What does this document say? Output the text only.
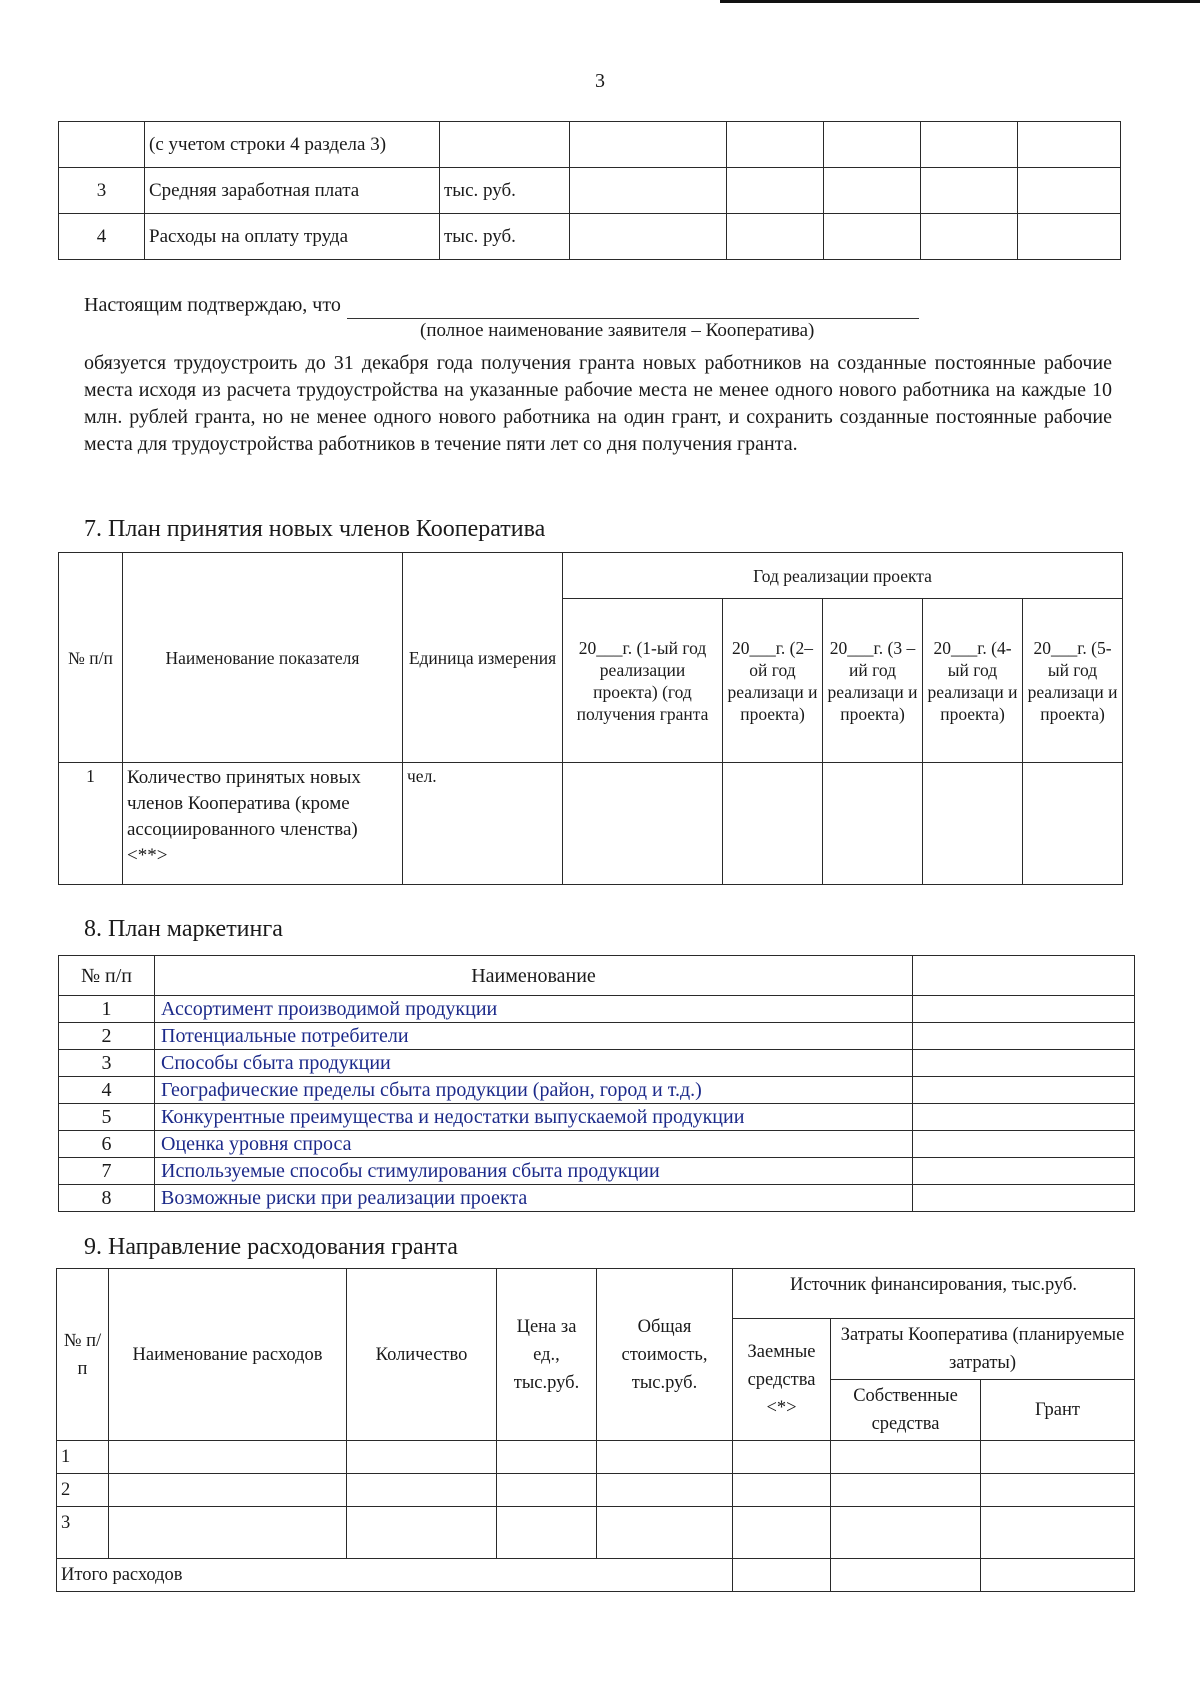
3
	(с учетом строки 4 раздела 3)						
3	Средняя заработная плата	тыс. руб.					
4	Расходы на оплату труда	тыс. руб.					
Настоящим подтверждаю, что
(полное наименование заявителя – Кооператива)
обязуется трудоустроить до 31 декабря года получения гранта новых работников на созданные постоянные рабочие места исходя из расчета трудоустройства на указанные рабочие места не менее одного нового работника на каждые 10 млн. рублей гранта, но не менее одного нового работника на один грант, и сохранить созданные постоянные рабочие места для трудоустройства работников в течение пяти лет со дня получения гранта.
7. План принятия новых членов Кооператива
№ п/п	Наименование показателя	Единица измерения	Год реализации проекта				
			20___г. (1-ый год реализации проекта) (год получения гранта	20___г. (2–ой год реализаци и проекта)	20___г. (3 –ий год реализаци и проекта)	20___г. (4-ый год реализаци и проекта)	20___г. (5-ый год реализаци и проекта)
1	Количество принятых новых членов Кооператива (кроме ассоциированного членства) <**>	чел.					
8. План маркетинга
№ п/п	Наименование	
1	Ассортимент производимой продукции	
2	Потенциальные потребители	
3	Способы сбыта продукции	
4	Географические пределы сбыта продукции (район, город и т.д.)	
5	Конкурентные преимущества и недостатки выпускаемой продукции	
6	Оценка уровня спроса	
7	Используемые способы стимулирования сбыта продукции	
8	Возможные риски при реализации проекта	
9. Направление расходования гранта
№ п/п	Наименование расходов	Количество	Цена за ед., тыс.руб.	Общая стоимость, тыс.руб.	Источник финансирования, тыс.руб.		
					Заемные средства <*>	Затраты Кооператива (планируемые затраты)	
						Собственные средства	Грант
1							
2							
3							
Итого расходов							
